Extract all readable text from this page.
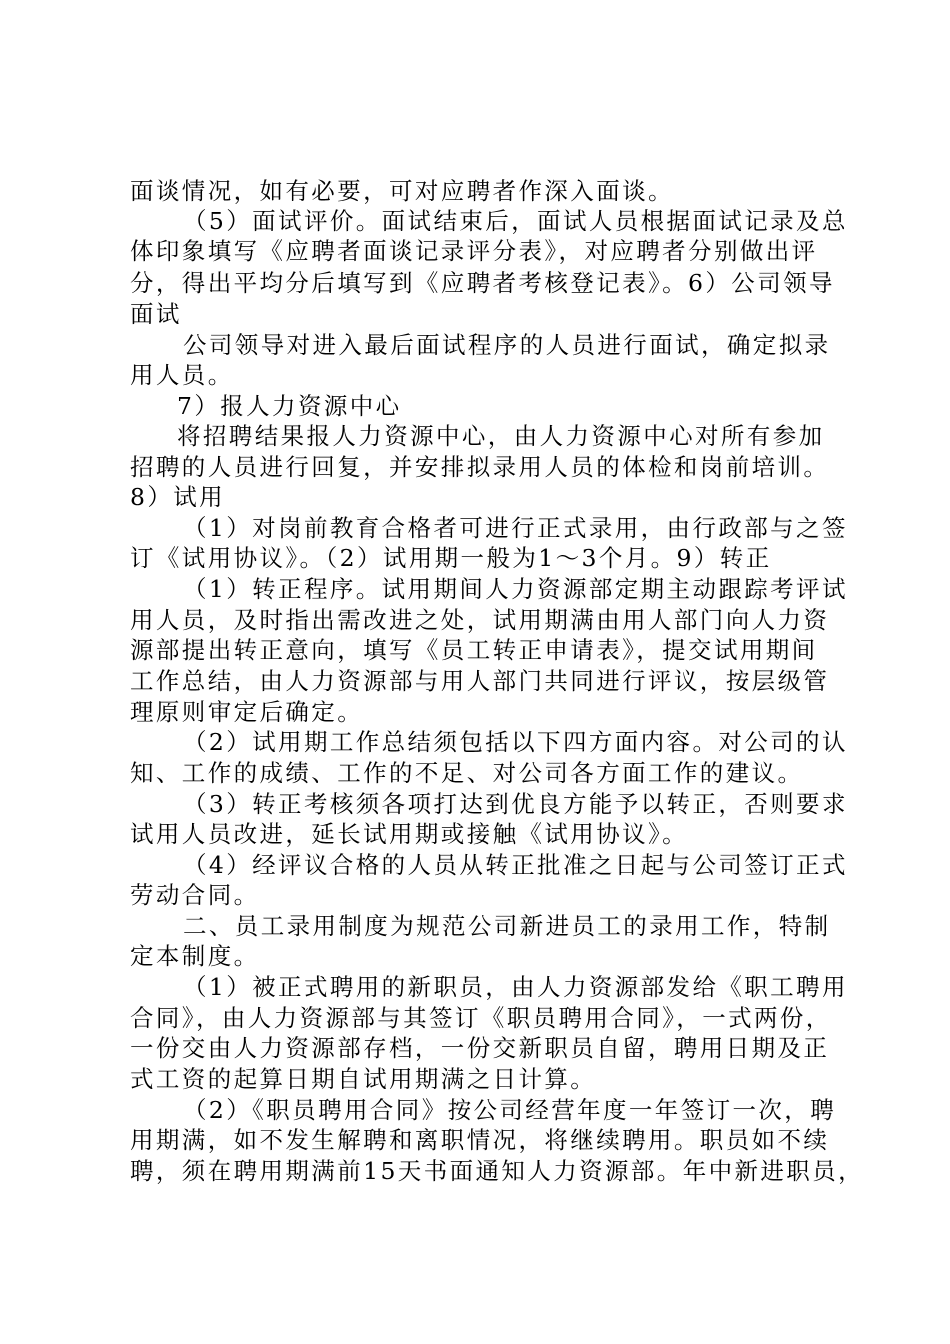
面谈情况，如有必要，可对应聘者作深入面谈。
（5）面试评价。面试结束后，面试人员根据面试记录及总
体印象填写《应聘者面谈记录评分表》，对应聘者分别做出评
分，得出平均分后填写到《应聘者考核登记表》。6）公司领导
面试
公司领导对进入最后面试程序的人员进行面试，确定拟录
用人员。
7）报人力资源中心
将招聘结果报人力资源中心，由人力资源中心对所有参加
招聘的人员进行回复，并安排拟录用人员的体检和岗前培训。
8）试用
（1）对岗前教育合格者可进行正式录用，由行政部与之签
订《试用协议》。（2）试用期一般为1～3个月。9）转正
（1）转正程序。试用期间人力资源部定期主动跟踪考评试
用人员，及时指出需改进之处，试用期满由用人部门向人力资
源部提出转正意向，填写《员工转正申请表》，提交试用期间
工作总结，由人力资源部与用人部门共同进行评议，按层级管
理原则审定后确定。
（2）试用期工作总结须包括以下四方面内容。对公司的认
知、工作的成绩、工作的不足、对公司各方面工作的建议。
（3）转正考核须各项打达到优良方能予以转正，否则要求
试用人员改进，延长试用期或接触《试用协议》。
（4）经评议合格的人员从转正批准之日起与公司签订正式
劳动合同。
二、员工录用制度为规范公司新进员工的录用工作，特制
定本制度。
（1）被正式聘用的新职员，由人力资源部发给《职工聘用
合同》，由人力资源部与其签订《职员聘用合同》，一式两份，
一份交由人力资源部存档，一份交新职员自留，聘用日期及正
式工资的起算日期自试用期满之日计算。
（2）《职员聘用合同》按公司经营年度一年签订一次，聘
用期满，如不发生解聘和离职情况，将继续聘用。职员如不续
聘，须在聘用期满前15天书面通知人力资源部。年中新进职员，
